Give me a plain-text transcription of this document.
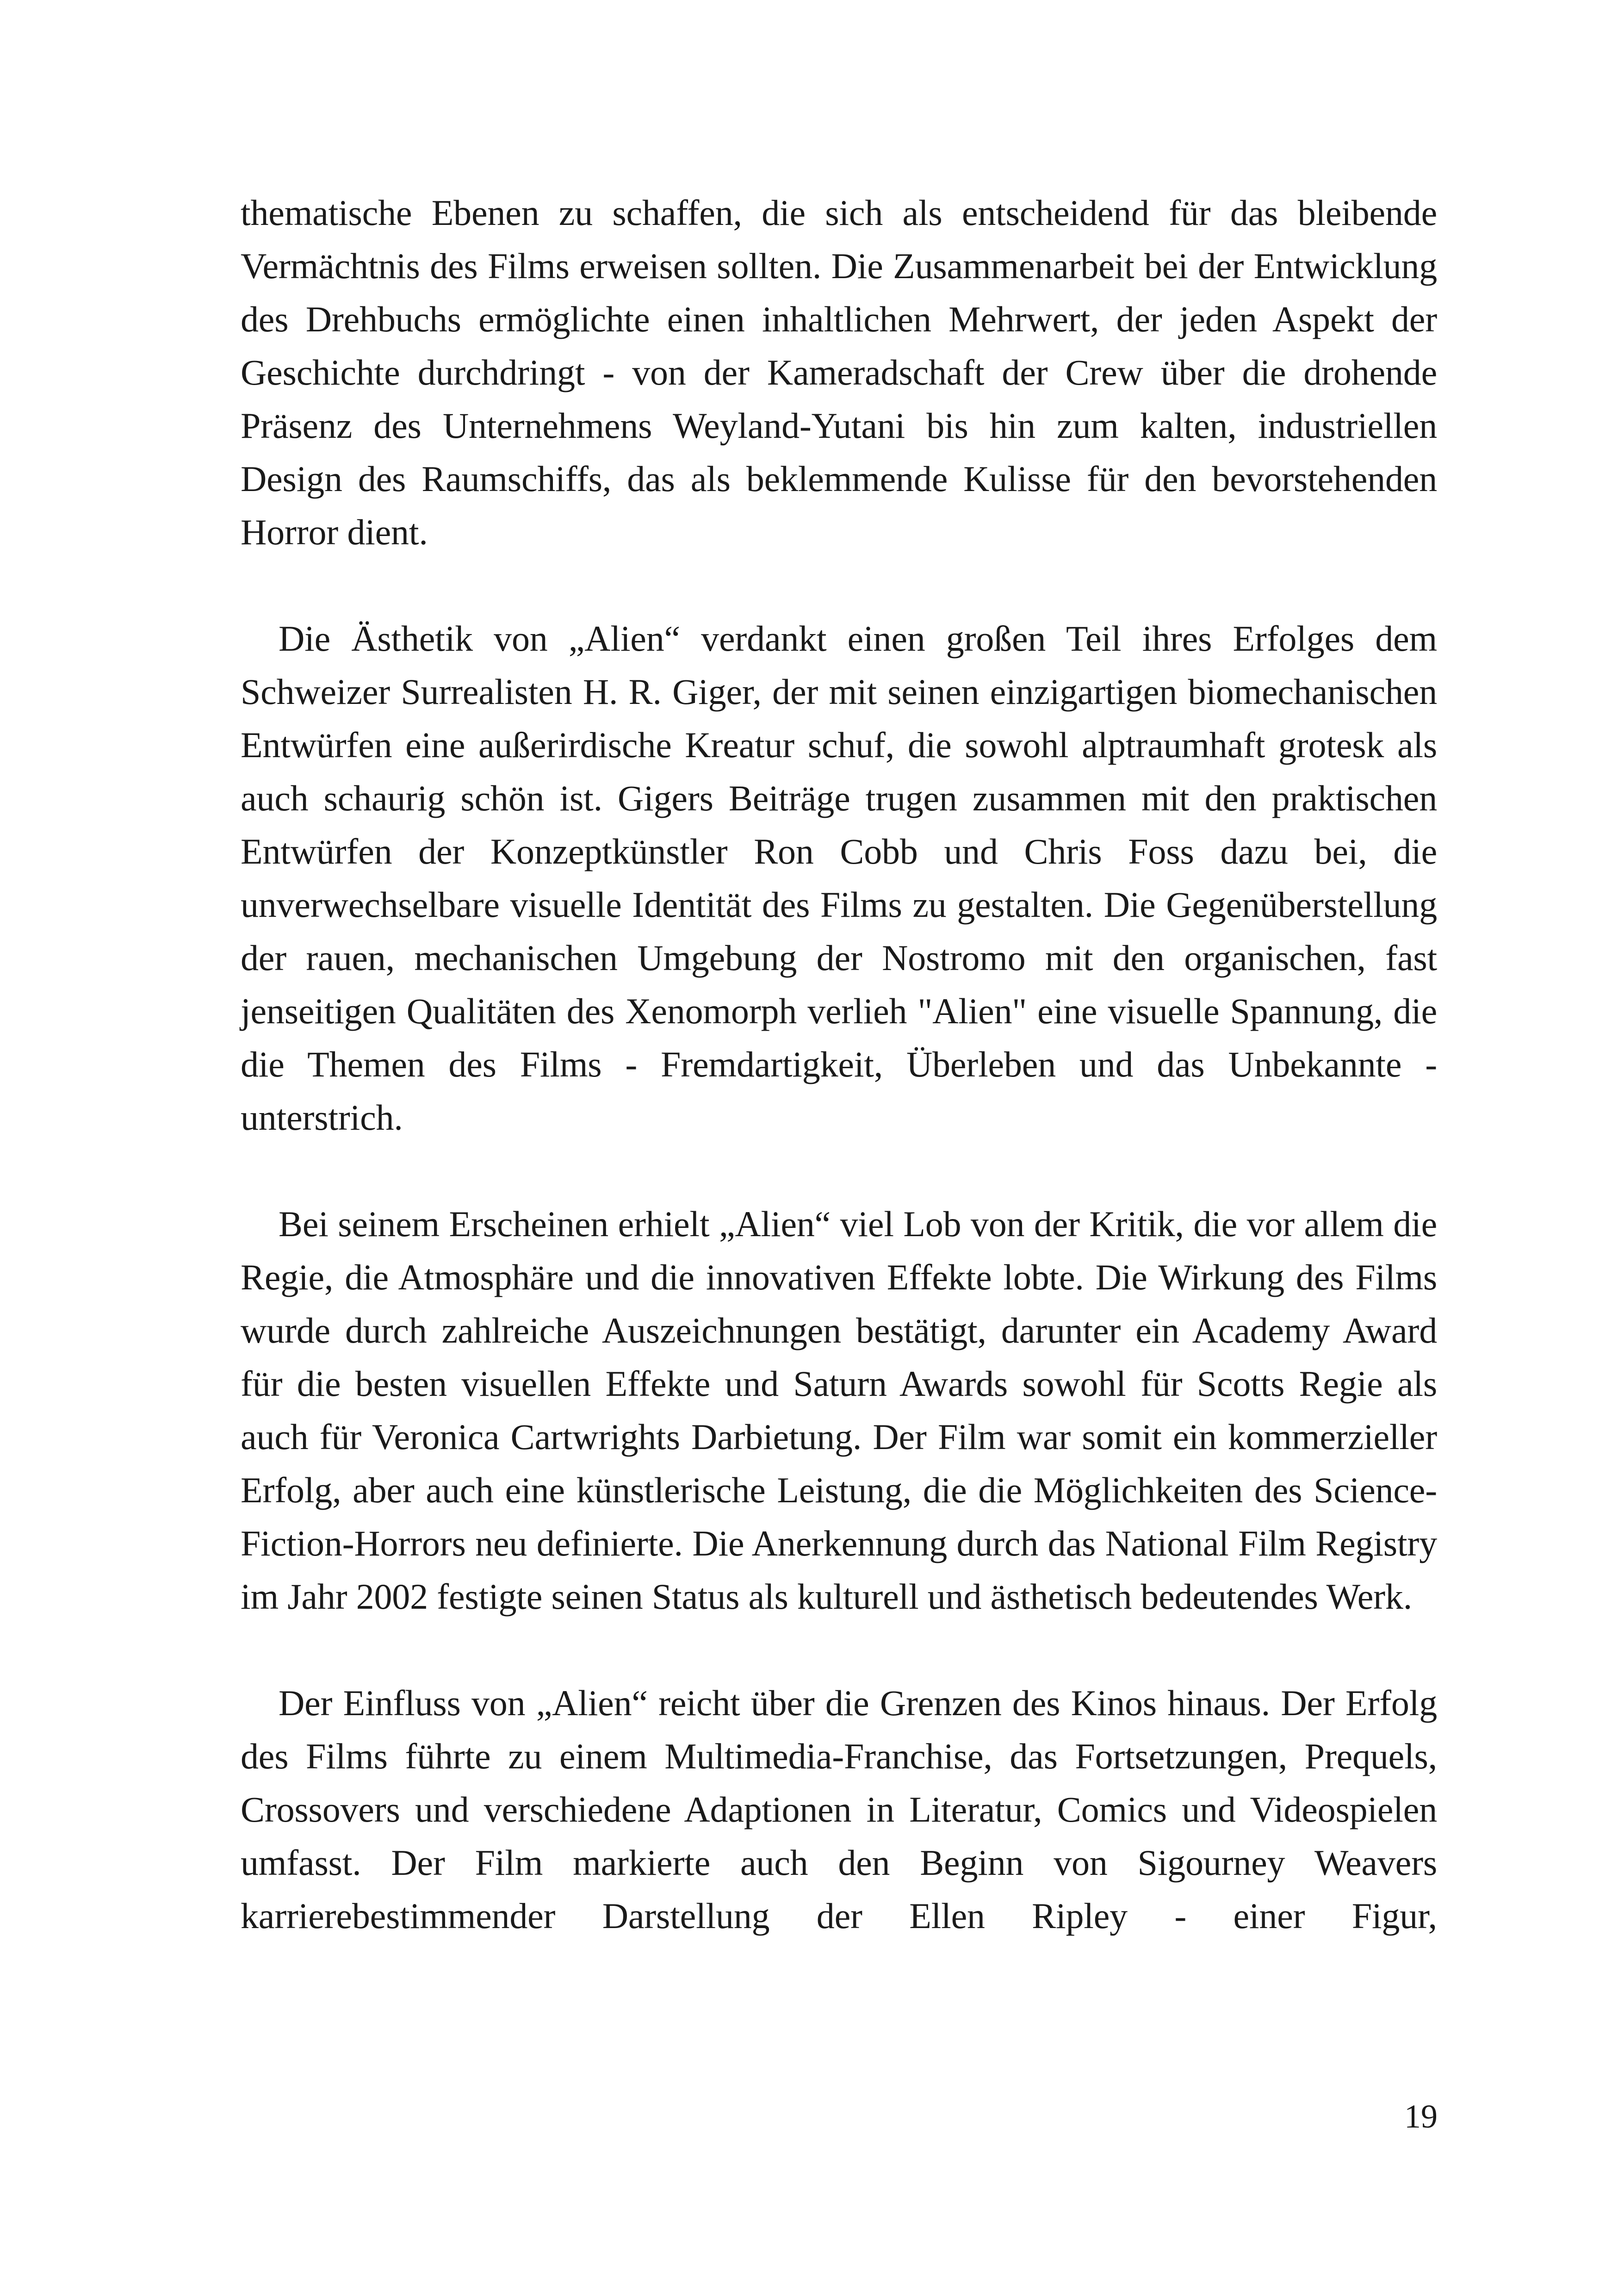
thematische Ebenen zu schaffen, die sich als entscheidend für das bleibende Vermächtnis des Films erweisen sollten. Die Zusammenarbeit bei der Entwicklung des Drehbuchs ermöglichte einen inhaltlichen Mehrwert, der jeden Aspekt der Geschichte durchdringt - von der Kameradschaft der Crew über die drohende Präsenz des Unternehmens Weyland-Yutani bis hin zum kalten, industriellen Design des Raumschiffs, das als beklemmende Kulisse für den bevorstehenden Horror dient.

Die Ästhetik von „Alien“ verdankt einen großen Teil ihres Erfolges dem Schweizer Surrealisten H. R. Giger, der mit seinen einzigartigen biomechanischen Entwürfen eine außerirdische Kreatur schuf, die sowohl alptraumhaft grotesk als auch schaurig schön ist. Gigers Beiträge trugen zusammen mit den praktischen Entwürfen der Konzeptkünstler Ron Cobb und Chris Foss dazu bei, die unverwechselbare visuelle Identität des Films zu gestalten. Die Gegenüberstellung der rauen, mechanischen Umgebung der Nostromo mit den organischen, fast jenseitigen Qualitäten des Xenomorph verlieh "Alien" eine visuelle Spannung, die die Themen des Films - Fremdartigkeit, Überleben und das Unbekannte - unterstrich.

Bei seinem Erscheinen erhielt „Alien“ viel Lob von der Kritik, die vor allem die Regie, die Atmosphäre und die innovativen Effekte lobte. Die Wirkung des Films wurde durch zahlreiche Auszeichnungen bestätigt, darunter ein Academy Award für die besten visuellen Effekte und Saturn Awards sowohl für Scotts Regie als auch für Veronica Cartwrights Darbietung. Der Film war somit ein kommerzieller Erfolg, aber auch eine künstlerische Leistung, die die Möglichkeiten des Science-Fiction-Horrors neu definierte. Die Anerkennung durch das National Film Registry im Jahr 2002 festigte seinen Status als kulturell und ästhetisch bedeutendes Werk.

Der Einfluss von „Alien“ reicht über die Grenzen des Kinos hinaus. Der Erfolg des Films führte zu einem Multimedia-Franchise, das Fortsetzungen, Prequels, Crossovers und verschiedene Adaptionen in Literatur, Comics und Videospielen umfasst. Der Film markierte auch den Beginn von Sigourney Weavers karrierebestimmender Darstellung der Ellen Ripley - einer Figur,

19
